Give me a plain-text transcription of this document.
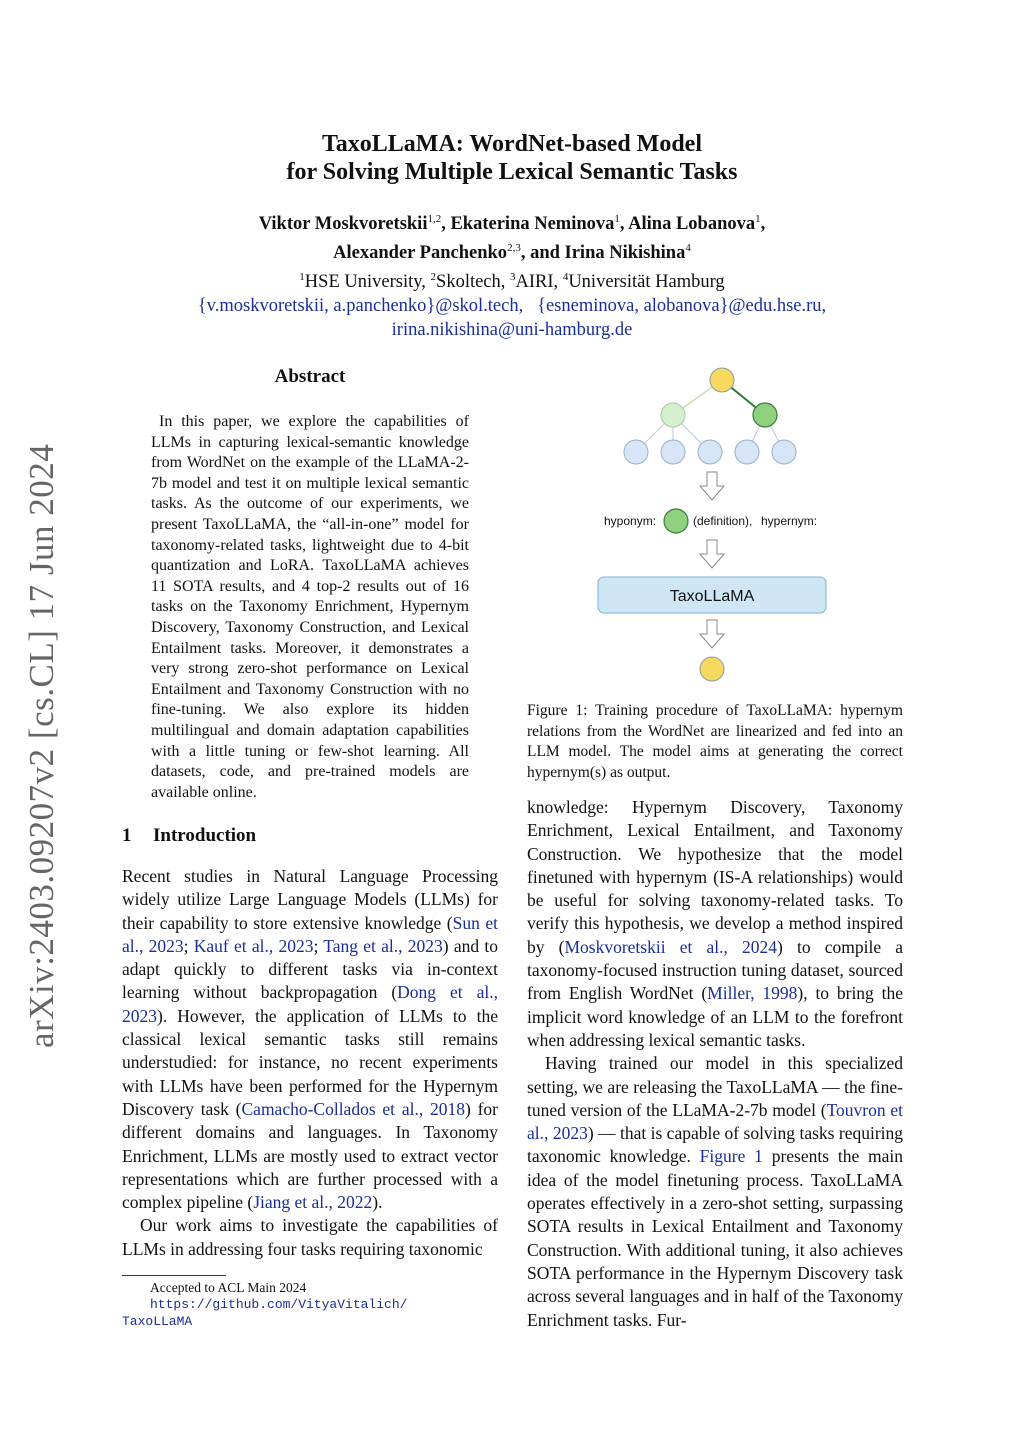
arXiv:2403.09207v2 [cs.CL] 17 Jun 2024
TaxoLLaMA: WordNet-based Model
for Solving Multiple Lexical Semantic Tasks
Viktor Moskvoretskii$^{1,2}$, Ekaterina Neminova$^1$, Alina Lobanova$^1$,
Alexander Panchenko$^{2,3}$, and Irina Nikishina$^4$
$^1$HSE University, $^2$Skoltech, $^3$AIRI, $^4$Universität Hamburg
{v.moskvoretskii, a.panchenko}@skol.tech, {esneminova, alobanova}@edu.hse.ru,
irina.nikishina@uni-hamburg.de
Abstract

In this paper, we explore the capabilities of LLMs in capturing lexical-semantic knowledge from WordNet on the example of the LLaMA-2-7b model and test it on multiple lexical semantic tasks. As the outcome of our experiments, we present TaxoLLaMA, the “all-in-one” model for taxonomy-related tasks, lightweight due to 4-bit quantization and LoRA. TaxoLLaMA achieves 11 SOTA results, and 4 top-2 results out of 16 tasks on the Taxonomy Enrichment, Hypernym Discovery, Taxonomy Construction, and Lexical Entailment tasks. Moreover, it demonstrates a very strong zero-shot performance on Lexical Entailment and Taxonomy Construction with no fine-tuning. We also explore its hidden multilingual and domain adaptation capabilities with a little tuning or few-shot learning. All datasets, code, and pre-trained models are available online.

1 Introduction

Recent studies in Natural Language Processing widely utilize Large Language Models (LLMs) for their capability to store extensive knowledge (Sun et al., 2023; Kauf et al., 2023; Tang et al., 2023) and to adapt quickly to different tasks via in-context learning without backpropagation (Dong et al., 2023). However, the application of LLMs to the classical lexical semantic tasks still remains understudied: for instance, no recent experiments with LLMs have been performed for the Hypernym Discovery task (Camacho-Collados et al., 2018) for different domains and languages. In Taxonomy Enrichment, LLMs are mostly used to extract vector representations which are further processed with a complex pipeline (Jiang et al., 2022).

Our work aims to investigate the capabilities of LLMs in addressing four tasks requiring taxonomic

Accepted to ACL Main 2024
https://github.com/VityaVitalich/
TaxoLLaMA
hyponym:	(definition), hypernym:
TaxoLLaMA
Figure 1: Training procedure of TaxoLLaMA: hypernym relations from the WordNet are linearized and fed into an LLM model. The model aims at generating the correct hypernym(s) as output.

knowledge: Hypernym Discovery, Taxonomy Enrichment, Lexical Entailment, and Taxonomy Construction. We hypothesize that the model finetuned with hypernym (IS-A relationships) would be useful for solving taxonomy-related tasks. To verify this hypothesis, we develop a method inspired by (Moskvoretskii et al., 2024) to compile a taxonomy-focused instruction tuning dataset, sourced from English WordNet (Miller, 1998), to bring the implicit word knowledge of an LLM to the forefront when addressing lexical semantic tasks.

Having trained our model in this specialized setting, we are releasing the TaxoLLaMA — the fine-tuned version of the LLaMA-2-7b model (Touvron et al., 2023) — that is capable of solving tasks requiring taxonomic knowledge. Figure 1 presents the main idea of the model finetuning process. TaxoLLaMA operates effectively in a zero-shot setting, surpassing SOTA results in Lexical Entailment and Taxonomy Construction. With additional tuning, it also achieves SOTA performance in the Hypernym Discovery task across several languages and in half of the Taxonomy Enrichment tasks. Fur-
